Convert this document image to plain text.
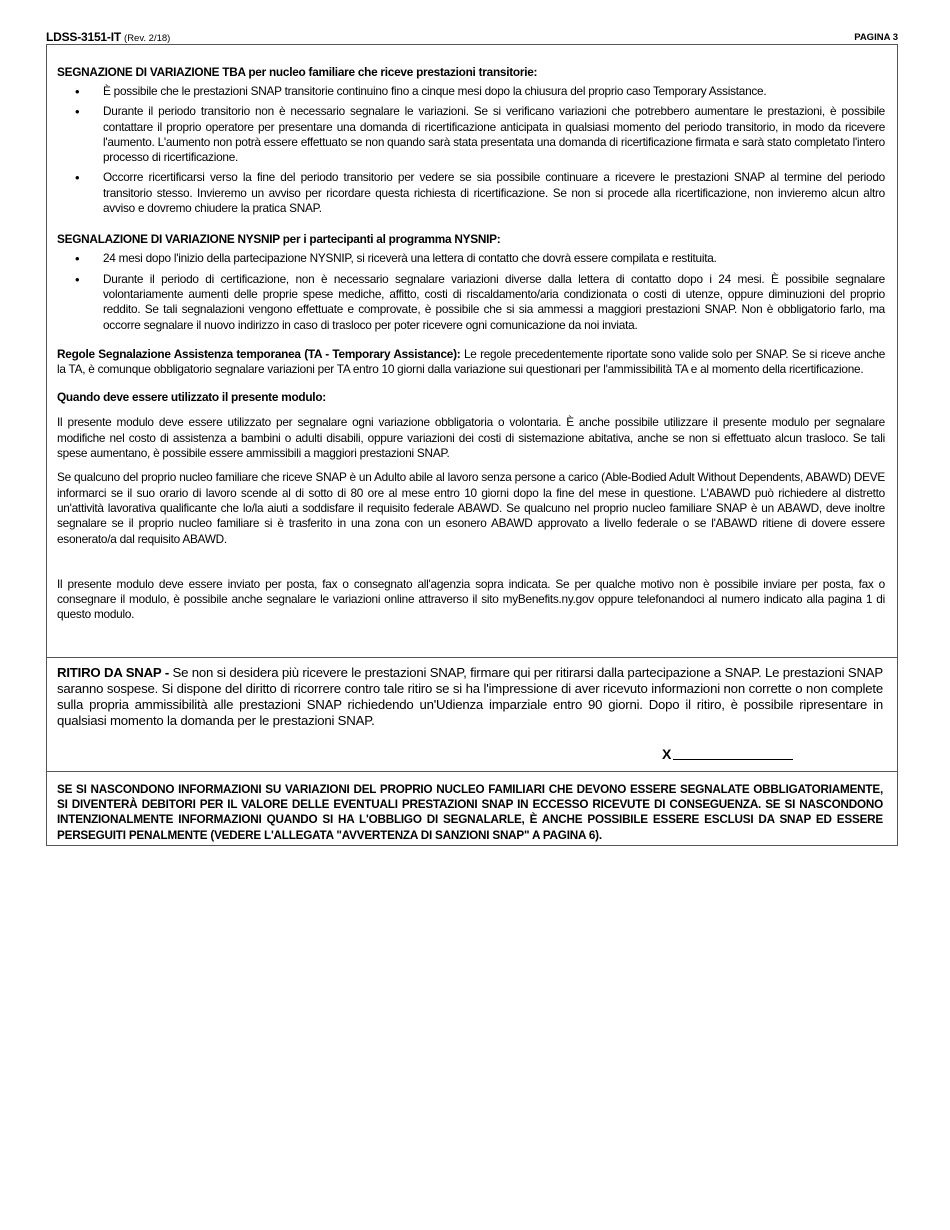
LDSS-3151-IT (Rev. 2/18)	PAGINA 3
SEGNAZIONE DI VARIAZIONE TBA per nucleo familiare che riceve prestazioni transitorie:
• È possibile che le prestazioni SNAP transitorie continuino fino a cinque mesi dopo la chiusura del proprio caso Temporary Assistance.
• Durante il periodo transitorio non è necessario segnalare le variazioni. Se si verificano variazioni che potrebbero aumentare le prestazioni, è possibile contattare il proprio operatore per presentare una domanda di ricertificazione anticipata in qualsiasi momento del periodo transitorio, in modo da ricevere l'aumento. L'aumento non potrà essere effettuato se non quando sarà stata presentata una domanda di ricertificazione firmata e sarà stato completato l'intero processo di ricertificazione.
• Occorre ricertificarsi verso la fine del periodo transitorio per vedere se sia possibile continuare a ricevere le prestazioni SNAP al termine del periodo transitorio stesso. Invieremo un avviso per ricordare questa richiesta di ricertificazione. Se non si procede alla ricertificazione, non invieremo alcun altro avviso e dovremo chiudere la pratica SNAP.
SEGNALAZIONE DI VARIAZIONE NYSNIP per i partecipanti al programma NYSNIP:
• 24 mesi dopo l'inizio della partecipazione NYSNIP, si riceverà una lettera di contatto che dovrà essere compilata e restituita.
• Durante il periodo di certificazione, non è necessario segnalare variazioni diverse dalla lettera di contatto dopo i 24 mesi. È possibile segnalare volontariamente aumenti delle proprie spese mediche, affitto, costi di riscaldamento/aria condizionata o costi di utenze, oppure diminuzioni del proprio reddito. Se tali segnalazioni vengono effettuate e comprovate, è possibile che si sia ammessi a maggiori prestazioni SNAP. Non è obbligatorio farlo, ma occorre segnalare il nuovo indirizzo in caso di trasloco per poter ricevere ogni comunicazione da noi inviata.

Regole Segnalazione Assistenza temporanea (TA - Temporary Assistance): Le regole precedentemente riportate sono valide solo per SNAP. Se si riceve anche la TA, è comunque obbligatorio segnalare variazioni per TA entro 10 giorni dalla variazione sui questionari per l'ammissibilità TA e al momento della ricertificazione.

Quando deve essere utilizzato il presente modulo:

Il presente modulo deve essere utilizzato per segnalare ogni variazione obbligatoria o volontaria. È anche possibile utilizzare il presente modulo per segnalare modifiche nel costo di assistenza a bambini o adulti disabili, oppure variazioni dei costi di sistemazione abitativa, anche se non si effettuato alcun trasloco. Se tali spese aumentano, è possibile essere ammissibili a maggiori prestazioni SNAP.

Se qualcuno del proprio nucleo familiare che riceve SNAP è un Adulto abile al lavoro senza persone a carico (Able-Bodied Adult Without Dependents, ABAWD) DEVE informarci se il suo orario di lavoro scende al di sotto di 80 ore al mese entro 10 giorni dopo la fine del mese in questione. L'ABAWD può richiedere al distretto un'attività lavorativa qualificante che lo/la aiuti a soddisfare il requisito federale ABAWD. Se qualcuno nel proprio nucleo familiare SNAP è un ABAWD, deve inoltre segnalare se il proprio nucleo familiare si è trasferito in una zona con un esonero ABAWD approvato a livello federale o se l'ABAWD ritiene di dovere essere esonerato/a dal requisito ABAWD.

Il presente modulo deve essere inviato per posta, fax o consegnato all'agenzia sopra indicata. Se per qualche motivo non è possibile inviare per posta, fax o consegnare il modulo, è possibile anche segnalare le variazioni online attraverso il sito myBenefits.ny.gov oppure telefonandoci al numero indicato alla pagina 1 di questo modulo.

RITIRO DA SNAP - Se non si desidera più ricevere le prestazioni SNAP, firmare qui per ritirarsi dalla partecipazione a SNAP. Le prestazioni SNAP saranno sospese. Si dispone del diritto di ricorrere contro tale ritiro se si ha l'impressione di aver ricevuto informazioni non corrette o non complete sulla propria ammissibilità alle prestazioni SNAP richiedendo un'Udienza imparziale entro 90 giorni. Dopo il ritiro, è possibile ripresentare in qualsiasi momento la domanda per le prestazioni SNAP.
X
SE SI NASCONDONO INFORMAZIONI SU VARIAZIONI DEL PROPRIO NUCLEO FAMILIARI CHE DEVONO ESSERE SEGNALATE OBBLIGATORIAMENTE, SI DIVENTERÀ DEBITORI PER IL VALORE DELLE EVENTUALI PRESTAZIONI SNAP IN ECCESSO RICEVUTE DI CONSEGUENZA. SE SI NASCONDONO INTENZIONALMENTE INFORMAZIONI QUANDO SI HA L'OBBLIGO DI SEGNALARLE, È ANCHE POSSIBILE ESSERE ESCLUSI DA SNAP ED ESSERE PERSEGUITI PENALMENTE (VEDERE L'ALLEGATA "AVVERTENZA DI SANZIONI SNAP" A PAGINA 6).
